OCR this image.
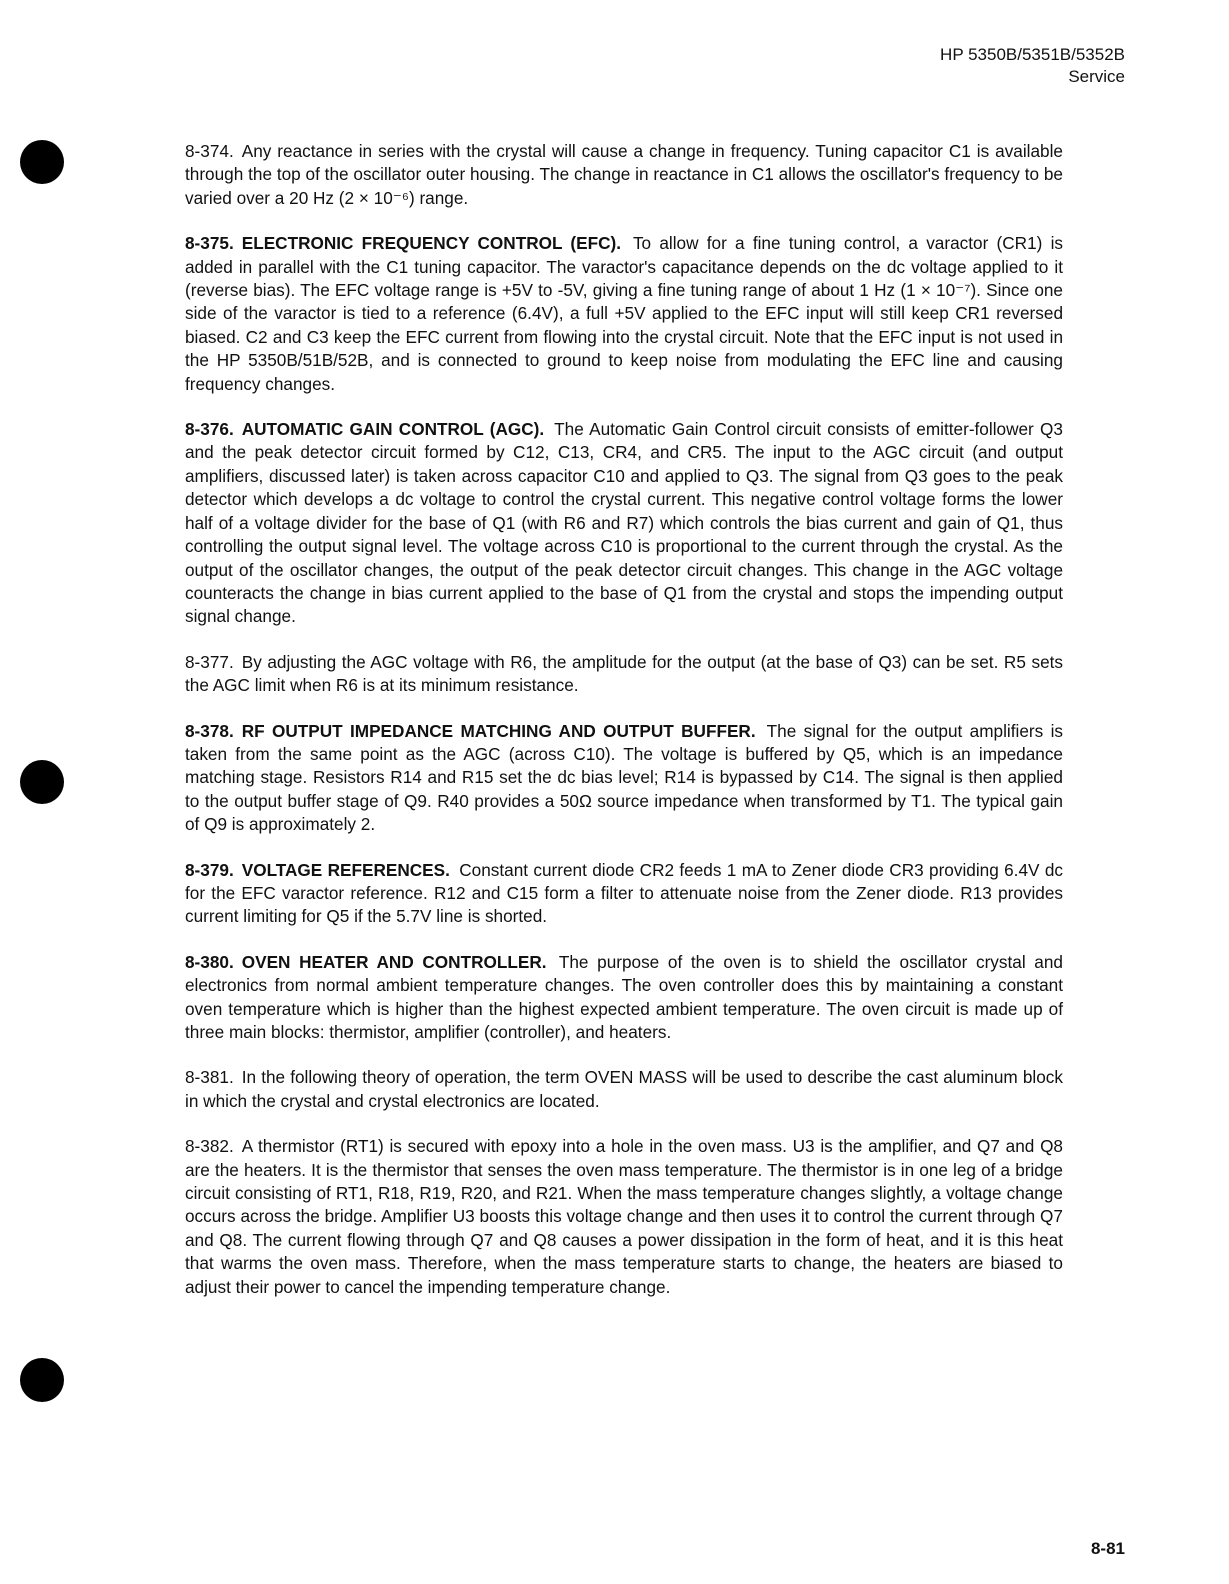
HP 5350B/5351B/5352B
Service

8-374. Any reactance in series with the crystal will cause a change in frequency. Tuning capacitor C1 is available through the top of the oscillator outer housing. The change in reactance in C1 allows the oscillator's frequency to be varied over a 20 Hz (2 × 10⁻⁶) range.

8-375. ELECTRONIC FREQUENCY CONTROL (EFC). To allow for a fine tuning control, a varactor (CR1) is added in parallel with the C1 tuning capacitor. The varactor's capacitance depends on the dc voltage applied to it (reverse bias). The EFC voltage range is +5V to -5V, giving a fine tuning range of about 1 Hz (1 × 10⁻⁷). Since one side of the varactor is tied to a reference (6.4V), a full +5V applied to the EFC input will still keep CR1 reversed biased. C2 and C3 keep the EFC current from flowing into the crystal circuit. Note that the EFC input is not used in the HP 5350B/51B/52B, and is connected to ground to keep noise from modulating the EFC line and causing frequency changes.

8-376. AUTOMATIC GAIN CONTROL (AGC). The Automatic Gain Control circuit consists of emitter-follower Q3 and the peak detector circuit formed by C12, C13, CR4, and CR5. The input to the AGC circuit (and output amplifiers, discussed later) is taken across capacitor C10 and applied to Q3. The signal from Q3 goes to the peak detector which develops a dc voltage to control the crystal current. This negative control voltage forms the lower half of a voltage divider for the base of Q1 (with R6 and R7) which controls the bias current and gain of Q1, thus controlling the output signal level. The voltage across C10 is proportional to the current through the crystal. As the output of the oscillator changes, the output of the peak detector circuit changes. This change in the AGC voltage counteracts the change in bias current applied to the base of Q1 from the crystal and stops the impending output signal change.

8-377. By adjusting the AGC voltage with R6, the amplitude for the output (at the base of Q3) can be set. R5 sets the AGC limit when R6 is at its minimum resistance.

8-378. RF OUTPUT IMPEDANCE MATCHING AND OUTPUT BUFFER. The signal for the output amplifiers is taken from the same point as the AGC (across C10). The voltage is buffered by Q5, which is an impedance matching stage. Resistors R14 and R15 set the dc bias level; R14 is bypassed by C14. The signal is then applied to the output buffer stage of Q9. R40 provides a 50Ω source impedance when transformed by T1. The typical gain of Q9 is approximately 2.

8-379. VOLTAGE REFERENCES. Constant current diode CR2 feeds 1 mA to Zener diode CR3 providing 6.4V dc for the EFC varactor reference. R12 and C15 form a filter to attenuate noise from the Zener diode. R13 provides current limiting for Q5 if the 5.7V line is shorted.

8-380. OVEN HEATER AND CONTROLLER. The purpose of the oven is to shield the oscillator crystal and electronics from normal ambient temperature changes. The oven controller does this by maintaining a constant oven temperature which is higher than the highest expected ambient temperature. The oven circuit is made up of three main blocks: thermistor, amplifier (controller), and heaters.

8-381. In the following theory of operation, the term OVEN MASS will be used to describe the cast aluminum block in which the crystal and crystal electronics are located.

8-382. A thermistor (RT1) is secured with epoxy into a hole in the oven mass. U3 is the amplifier, and Q7 and Q8 are the heaters. It is the thermistor that senses the oven mass temperature. The thermistor is in one leg of a bridge circuit consisting of RT1, R18, R19, R20, and R21. When the mass temperature changes slightly, a voltage change occurs across the bridge. Amplifier U3 boosts this voltage change and then uses it to control the current through Q7 and Q8. The current flowing through Q7 and Q8 causes a power dissipation in the form of heat, and it is this heat that warms the oven mass. Therefore, when the mass temperature starts to change, the heaters are biased to adjust their power to cancel the impending temperature change.

8-81
